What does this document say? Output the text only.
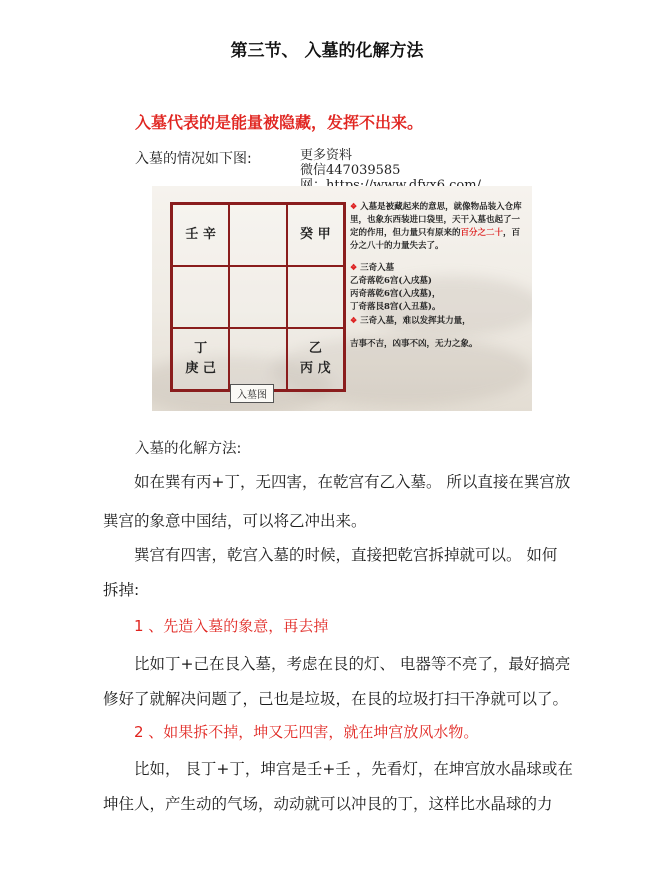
第三节、 入墓的化解方法
入墓代表的是能量被隐藏，发挥不出来。
入墓的情况如下图:	更多资料
微信447039585
壬 辛	癸 甲
丁
庚 己
乙
丙 戊
入墓图
❖ 入墓是被藏起来的意思，就像物品装入仓库里，也象东西装进口袋里，天干入墓也起了一定的作用，但力量只有原来的百分之二十，百分之八十的力量失去了。
❖ 三奇入墓
乙奇落乾6宫(入戌墓)
丙奇落乾6宫(入戌墓)，
丁奇落艮8宫(入丑墓)。
❖ 三奇入墓，难以发挥其力量，
吉事不吉，凶事不凶，无力之象。
入墓的化解方法:
如在巽有丙+丁，无四害，在乾宫有乙入墓。 所以直接在巽宫放
巽宫的象意中国结，可以将乙冲出来。
巽宫有四害，乾宫入墓的时候，直接把乾宫拆掉就可以。 如何
拆掉:
1 、先造入墓的象意，再去掉
比如丁+己在艮入墓，考虑在艮的灯、 电器等不亮了，最好搞亮
修好了就解决问题了，己也是垃圾，在艮的垃圾打扫干净就可以了。
2 、如果拆不掉，坤又无四害，就在坤宫放风水物。
比如， 艮丁+丁，坤宫是壬+壬 ，先看灯，在坤宫放水晶球或在
坤住人，产生动的气场，动动就可以冲艮的丁，这样比水晶球的力
